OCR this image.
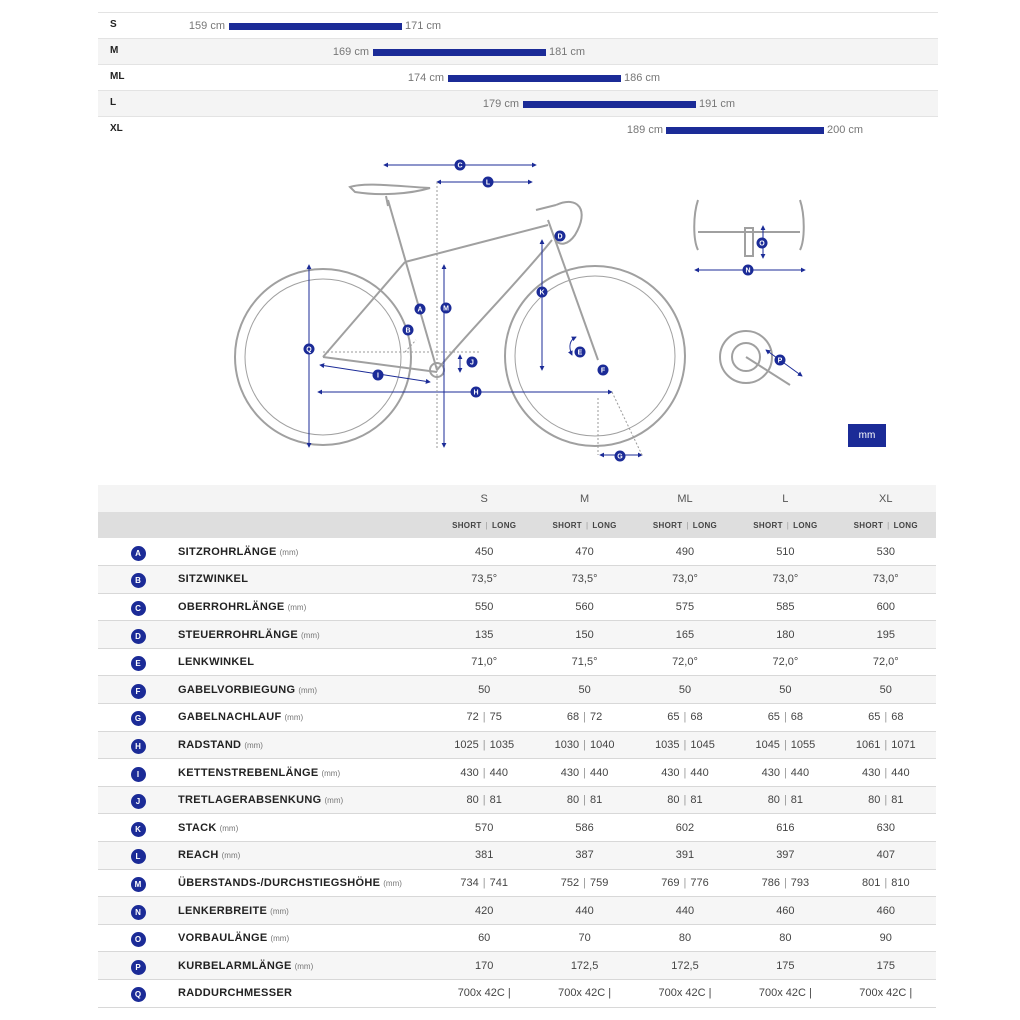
S	159 cm	171 cm
M	169 cm	181 cm
ML	174 cm	186 cm
L	179 cm	191 cm
XL	189 cm	200 cm
A
B
C
D
E
F
G
H
I
J
K
L
M
N
O
P
Q
mm
		S	M	ML	L	XL
		SHORT | LONG	SHORT | LONG	SHORT | LONG	SHORT | LONG	SHORT | LONG
A	SITZROHRLÄNGE (mm)	450	470	490	510	530
B	SITZWINKEL	73,5°	73,5°	73,0°	73,0°	73,0°
C	OBERROHRLÄNGE (mm)	550	560	575	585	600
D	STEUERROHRLÄNGE (mm)	135	150	165	180	195
E	LENKWINKEL	71,0°	71,5°	72,0°	72,0°	72,0°
F	GABELVORBIEGUNG (mm)	50	50	50	50	50
G	GABELNACHLAUF (mm)	72 | 75	68 | 72	65 | 68	65 | 68	65 | 68
H	RADSTAND (mm)	1025 | 1035	1030 | 1040	1035 | 1045	1045 | 1055	1061 | 1071
I	KETTENSTREBENLÄNGE (mm)	430 | 440	430 | 440	430 | 440	430 | 440	430 | 440
J	TRETLAGERABSENKUNG (mm)	80 | 81	80 | 81	80 | 81	80 | 81	80 | 81
K	STACK (mm)	570	586	602	616	630
L	REACH (mm)	381	387	391	397	407
M	ÜBERSTANDS-/DURCHSTIEGSHÖHE (mm)	734 | 741	752 | 759	769 | 776	786 | 793	801 | 810
N	LENKERBREITE (mm)	420	440	440	460	460
O	VORBAULÄNGE (mm)	60	70	80	80	90
P	KURBELARMLÄNGE (mm)	170	172,5	172,5	175	175
Q	RADDURCHMESSER	700x 42C |	700x 42C |	700x 42C |	700x 42C |	700x 42C |
